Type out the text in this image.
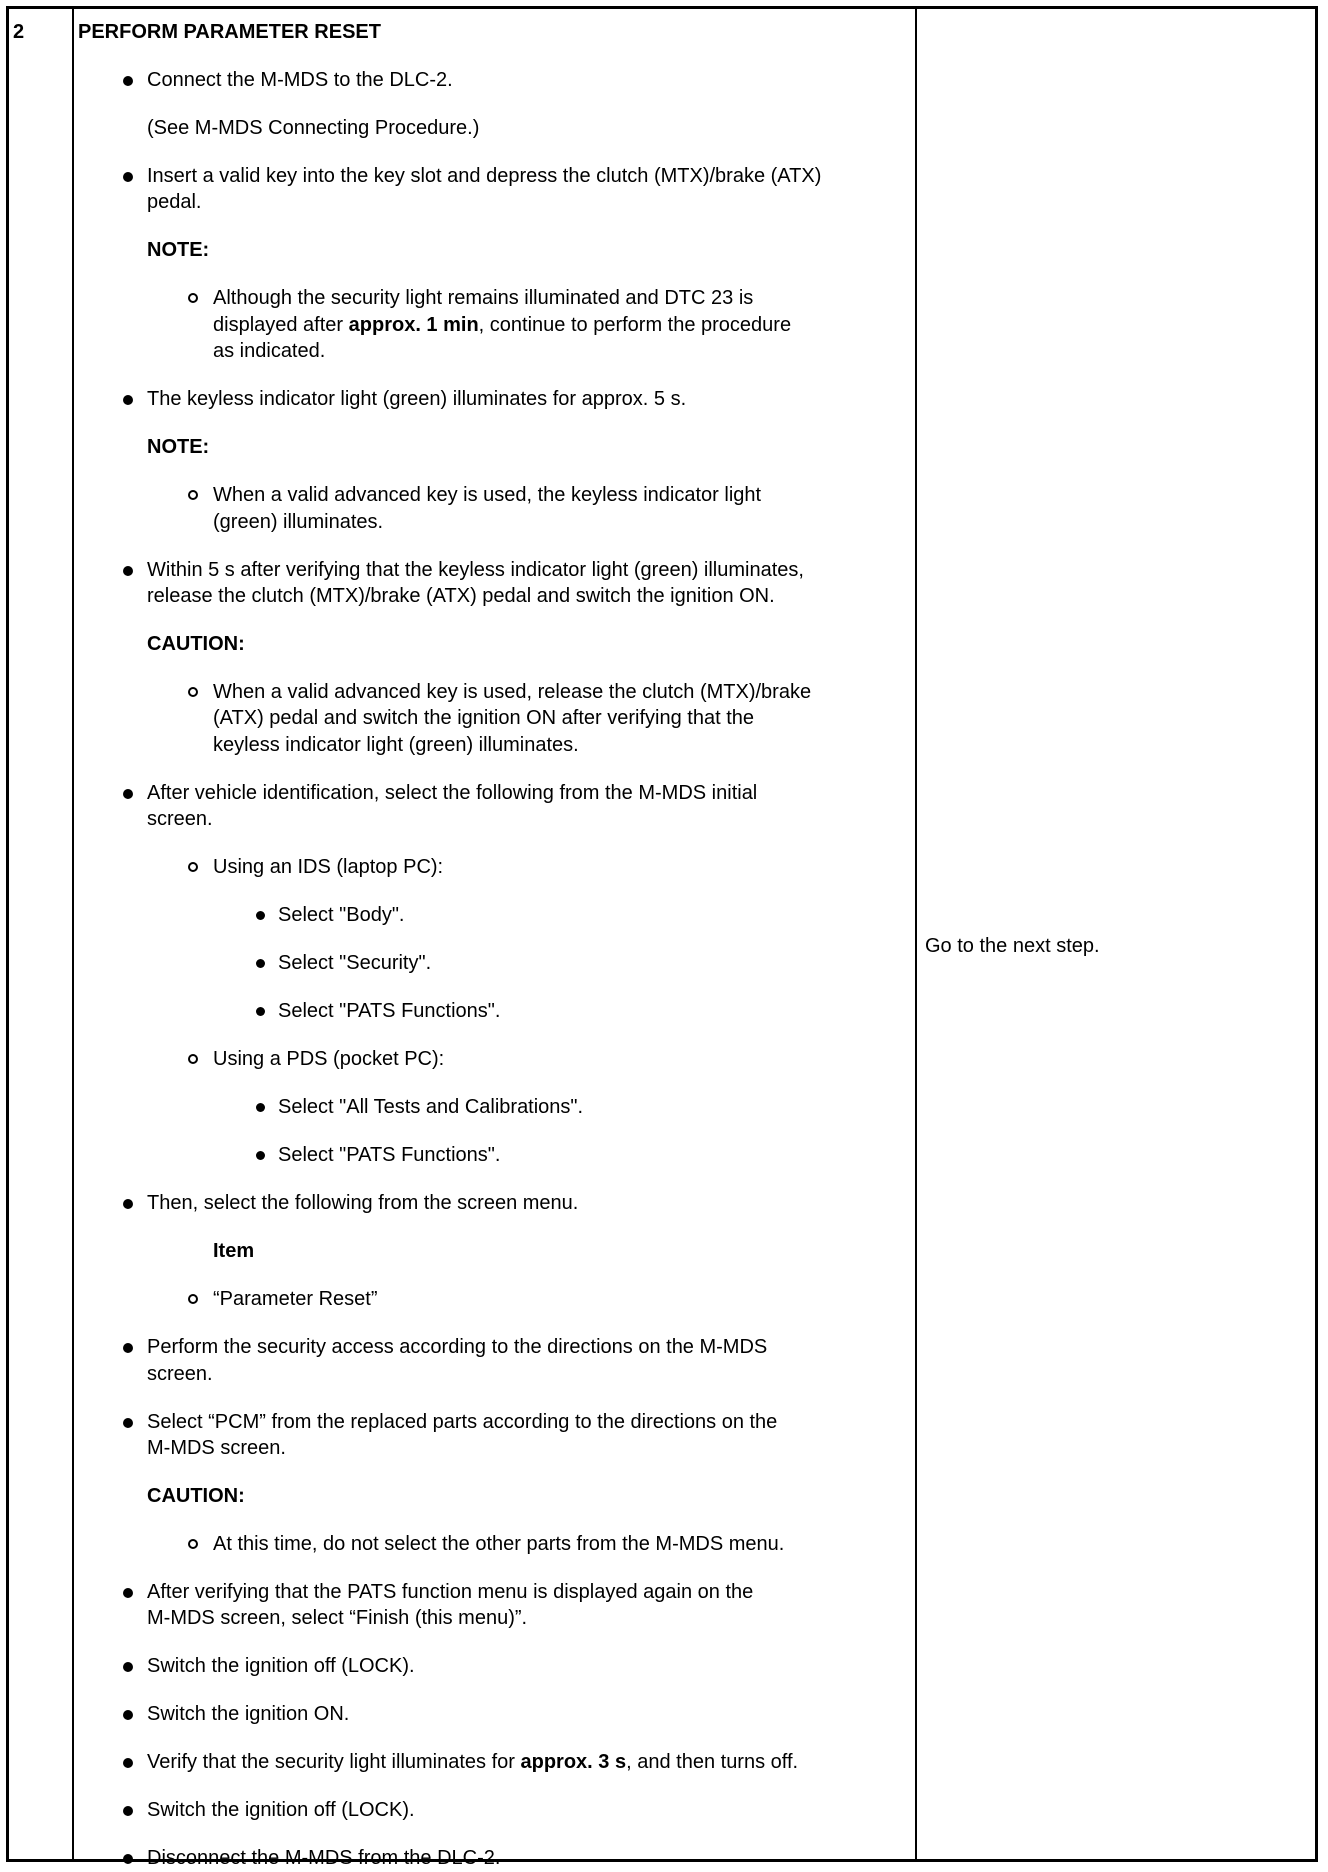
2	PERFORM PARAMETER RESET
Connect the M-MDS to the DLC-2.
(See M-MDS Connecting Procedure.)
Insert a valid key into the key slot and depress the clutch (MTX)/brake (ATX)
pedal.
NOTE:
Although the security light remains illuminated and DTC 23 is
displayed after approx. 1 min, continue to perform the procedure
as indicated.
The keyless indicator light (green) illuminates for approx. 5 s.
NOTE:
When a valid advanced key is used, the keyless indicator light
(green) illuminates.
Within 5 s after verifying that the keyless indicator light (green) illuminates,
release the clutch (MTX)/brake (ATX) pedal and switch the ignition ON.
CAUTION:
When a valid advanced key is used, release the clutch (MTX)/brake
(ATX) pedal and switch the ignition ON after verifying that the
keyless indicator light (green) illuminates.
After vehicle identification, select the following from the M-MDS initial
screen.
Using an IDS (laptop PC):
Select "Body".
Select "Security".
Select "PATS Functions".
Using a PDS (pocket PC):
Select "All Tests and Calibrations".
Select "PATS Functions".
Then, select the following from the screen menu.
Item
“Parameter Reset”
Perform the security access according to the directions on the M-MDS
screen.
Select “PCM” from the replaced parts according to the directions on the
M-MDS screen.
CAUTION:
At this time, do not select the other parts from the M-MDS menu.
After verifying that the PATS function menu is displayed again on the
M-MDS screen, select “Finish (this menu)”.
Switch the ignition off (LOCK).
Switch the ignition ON.
Verify that the security light illuminates for approx. 3 s, and then turns off.
Switch the ignition off (LOCK).
Disconnect the M-MDS from the DLC-2.
Go to the next step.
